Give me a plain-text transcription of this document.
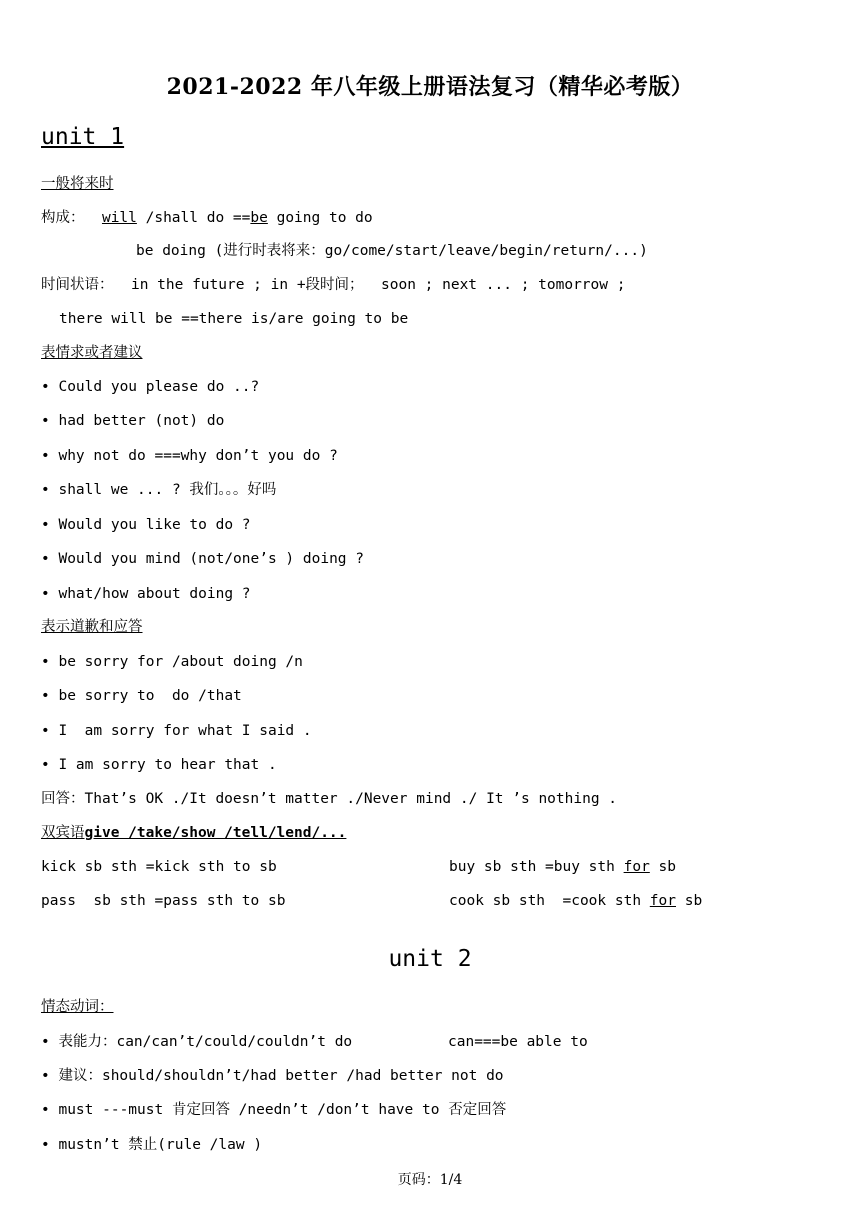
2021-2022 年八年级上册语法复习（精华必考版）
unit 1
一般将来时
构成： will /shall do ==be going to do
be doing (进行时表将来：go/come/start/leave/begin/return/...)
时间状语：  in the future ; in +段时间；  soon ; next ... ; tomorrow ;
there will be ==there is/are going to be
表情求或者建议
• Could you please do ..?
• had better (not) do
• why not do ===why don’t you do ?
• shall we ... ? 我们。。。好吗
• Would you like to do ?
• Would you mind (not/one’s ) doing ?
• what/how about doing ?
表示道歉和应答
• be sorry for /about doing /n
• be sorry to  do /that
• I  am sorry for what I said .
• I am sorry to hear that .
回答：That’s OK ./It doesn’t matter ./Never mind ./ It ’s nothing .
双宾语give /take/show /tell/lend/...
kick sb sth =kick sth to sb	buy sb sth =buy sth for sb
pass  sb sth =pass sth to sb	cook sb sth  =cook sth for sb
unit 2
情态动词：
• 表能力：can/can’t/could/couldn’t do	can===be able to
• 建议：should/shouldn’t/had better /had better not do
• must ---must 肯定回答 /needn’t /don’t have to 否定回答
• mustn’t 禁止(rule /law )
页码：1/4
